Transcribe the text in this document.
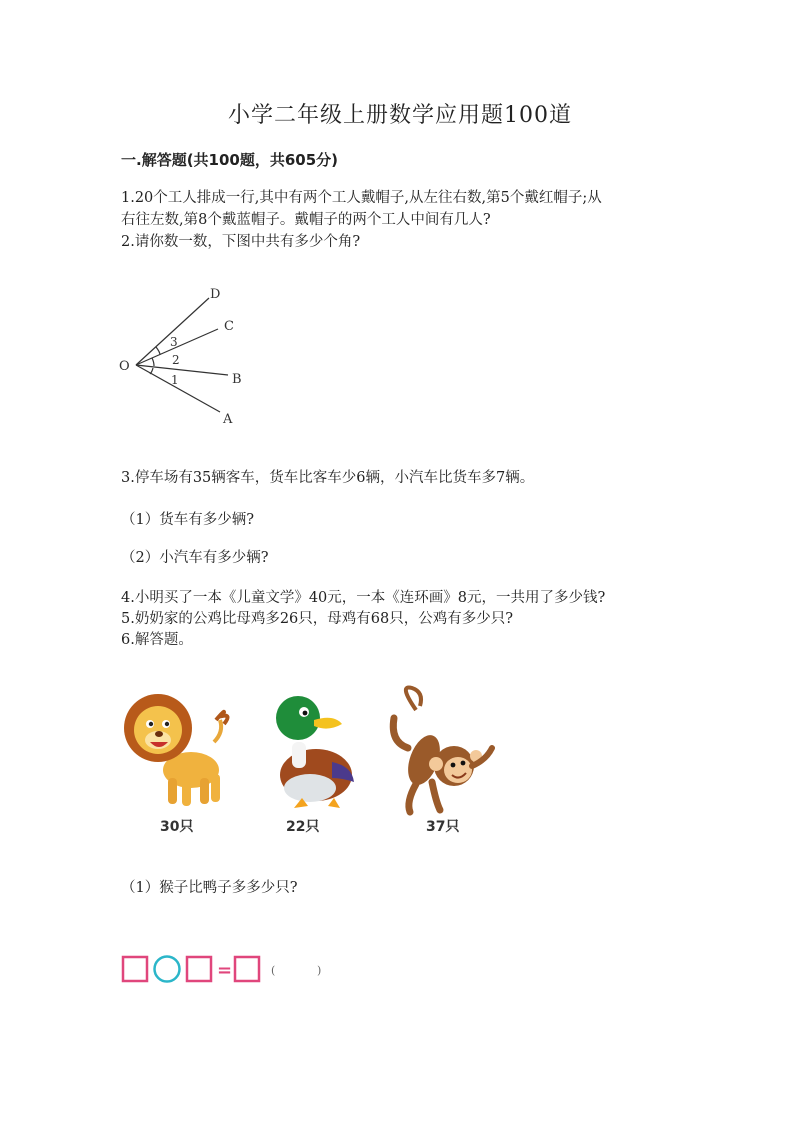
小学二年级上册数学应用题100道
一.解答题(共100题，共605分)
1.20个工人排成一行,其中有两个工人戴帽子,从左往右数,第5个戴红帽子;从
右往左数,第8个戴蓝帽子。戴帽子的两个工人中间有几人?
2.请你数一数，下图中共有多少个角?
O
D
C
B
A
3
2
1
3.停车场有35辆客车，货车比客车少6辆，小汽车比货车多7辆。
（1）货车有多少辆?
（2）小汽车有多少辆?
4.小明买了一本《儿童文学》40元，一本《连环画》8元，一共用了多少钱?
5.奶奶家的公鸡比母鸡多26只，母鸡有68只，公鸡有多少只?
6.解答题。
30只	22只	37只
（1）猴子比鸭子多多少只?
=	(	)
